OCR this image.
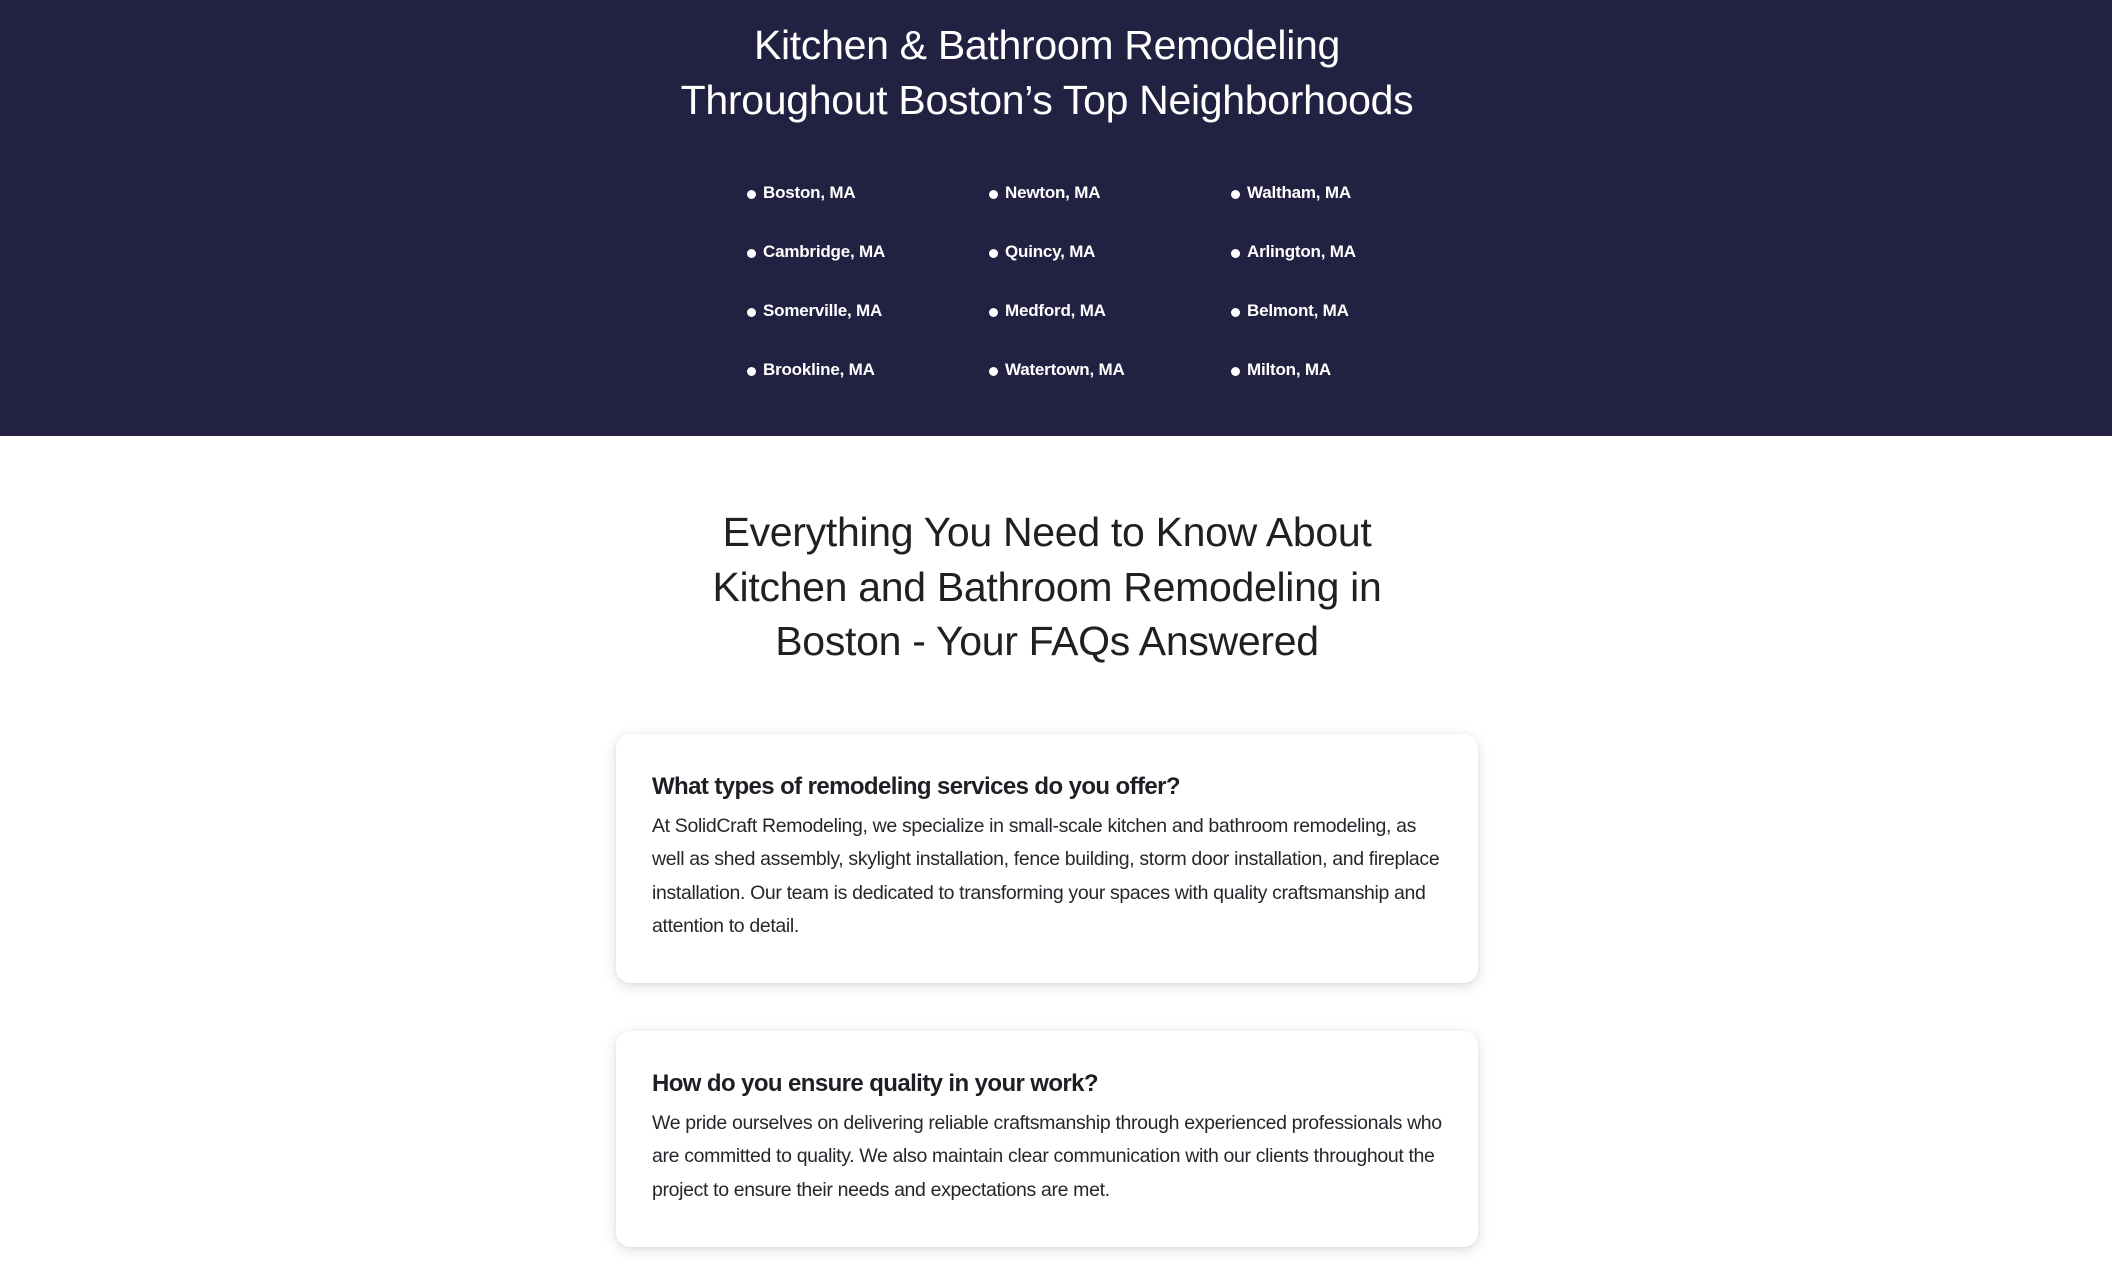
Kitchen & Bathroom Remodeling
Throughout Boston’s Top Neighborhoods
Boston, MA	Newton, MA	Waltham, MA
Cambridge, MA	Quincy, MA	Arlington, MA
Somerville, MA	Medford, MA	Belmont, MA
Brookline, MA	Watertown, MA	Milton, MA
Everything You Need to Know About
Kitchen and Bathroom Remodeling in
Boston - Your FAQs Answered
What types of remodeling services do you offer?

At SolidCraft Remodeling, we specialize in small-scale kitchen and bathroom remodeling, as well as shed assembly, skylight installation, fence building, storm door installation, and fireplace installation. Our team is dedicated to transforming your spaces with quality craftsmanship and attention to detail.

How do you ensure quality in your work?

We pride ourselves on delivering reliable craftsmanship through experienced professionals who are committed to quality. We also maintain clear communication with our clients throughout the project to ensure their needs and expectations are met.
